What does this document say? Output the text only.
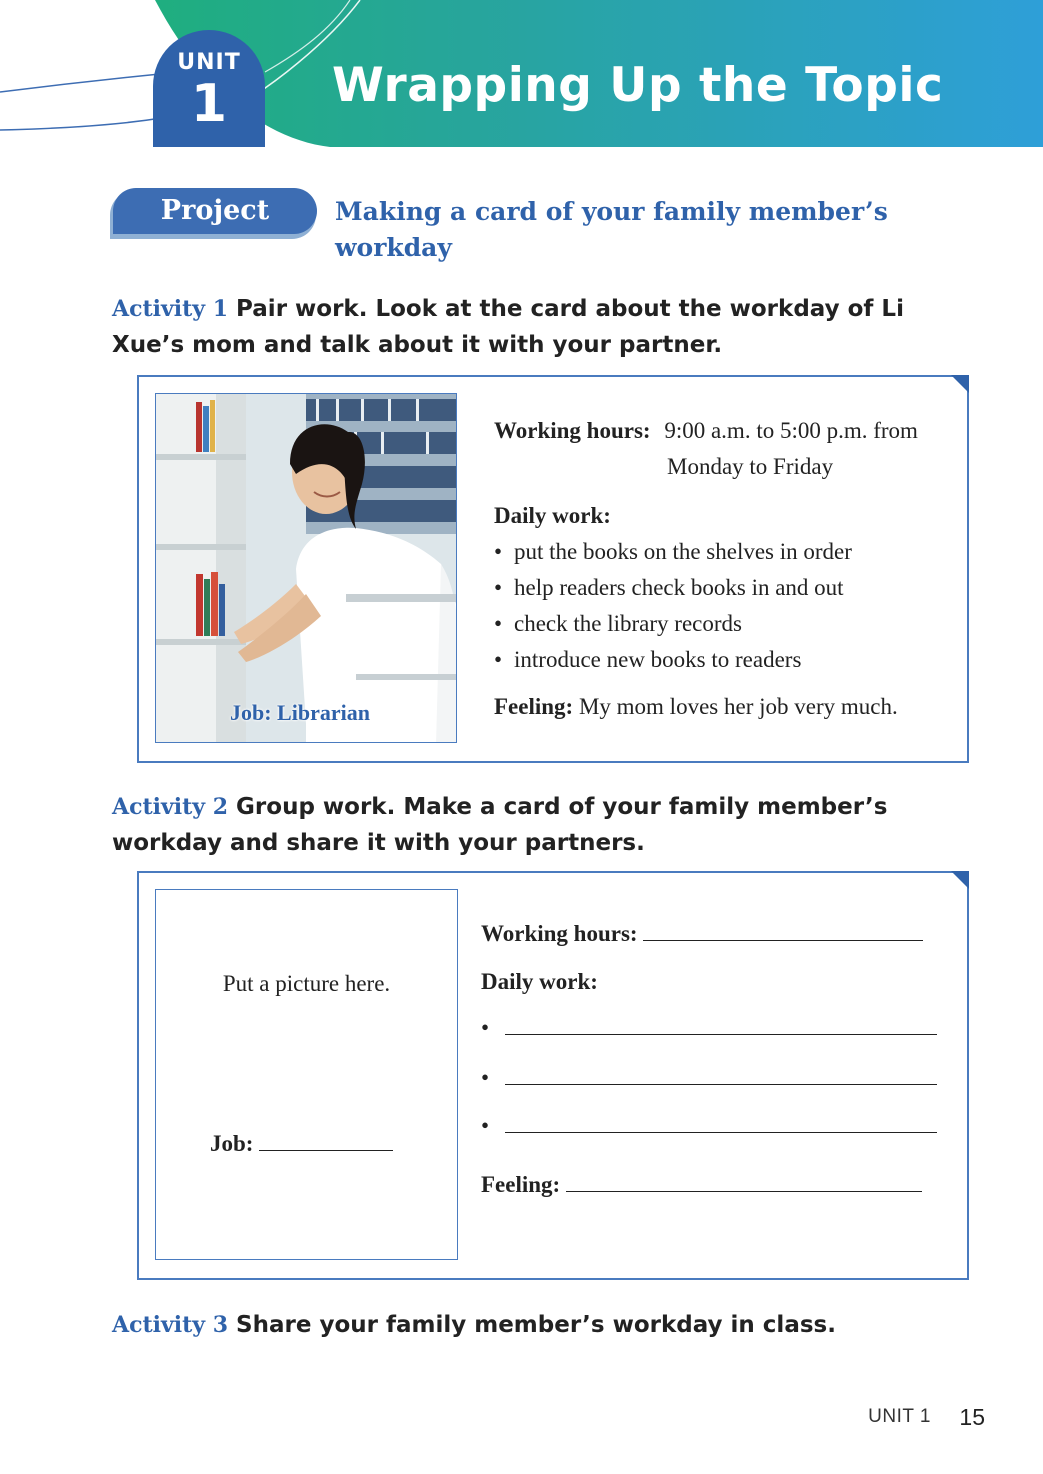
UNIT
1	Wrapping Up the Topic
Project	Making a card of your family member’s workday
Activity 1 Pair work. Look at the card about the workday of Li Xue’s mom and talk about it with your partner.
Job: Librarian
Working hours: 9:00 a.m. to 5:00 p.m. from
Monday to Friday
Daily work:
• put the books on the shelves in order
• help readers check books in and out
• check the library records
• introduce new books to readers
Feeling: My mom loves her job very much.
Activity 2 Group work. Make a card of your family member’s workday and share it with your partners.
Put a picture here.
Job:
Working hours:
Daily work:
•
•
•
Feeling:
Activity 3 Share your family member’s workday in class.
UNIT 1 15
